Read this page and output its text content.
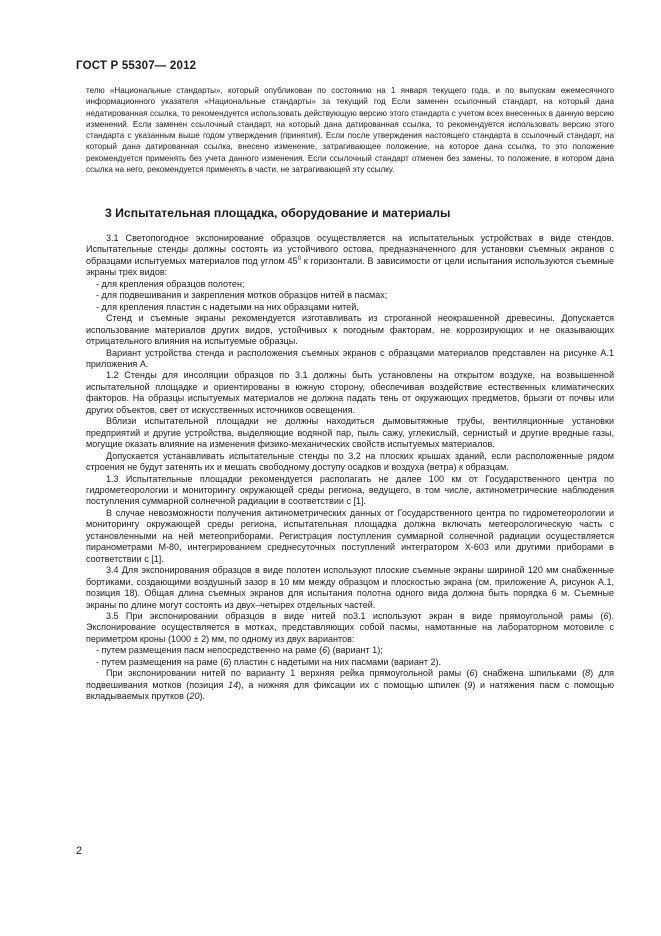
ГОСТ Р 55307— 2012

телю «Национальные стандарты», который опубликован по состоянию на 1 января текущего года, и по выпускам ежемесячного информационного указателя «Национальные стандарты» за текущий год Если заменен ссылочный стандарт, на который дана недатированная ссылка, то рекомендуется использовать действующую версию этого стандарта с учетом всех внесенных в данную версию изменений. Если заменен ссылочный стандарт, на который дана датированная ссылка, то рекомендуется использовать версию этого стандарта с указанным выше годом утверждения (принятия). Если после утверждения настоящего стандарта в ссылочный стандарт, на который дана датированная ссылка, внесено изменение, затрагивающее положение, на которое дана ссылка, то это положение рекомендуется применять без учета данного изменения. Если ссылочный стандарт отменен без замены, то положение, в котором дана ссылка на него, рекомендуется применять в части, не затрагивающей эту ссылку.

3 Испытательная площадка, оборудование и материалы

3.1 Светопогодное экспонирование образцов осуществляется на испытательных устройствах в виде стендов. Испытательные стенды должны состоять из устойчивого остова, предназначенного для установки съемных экранов с образцами испытуемых материалов под углом $45^0$ к горизонтали. В зависимости от цели испытания используются съемные экраны трех видов:

- для крепления образцов полотен;

- для подвешивания и закрепления мотков образцов нитей в пасмах;

- для крепления пластин с надетыми на них образцами нитей.

Стенд и съемные экраны рекомендуется изготавливать из строганной неокрашенной древесины. Допускается использование материалов других видов, устойчивых к погодным факторам, не коррозирующих и не оказывающих отрицательного влияния на испытуемые образцы.

Вариант устройства стенда и расположения съемных экранов с образцами материалов представлен на рисунке А.1 приложения А.

1.2 Стенды для инсоляции образцов по 3.1 должны быть установлены на открытом воздухе, на возвышенной испытательной площадке и ориентированы в южную сторону, обеспечивая воздействие естественных климатических факторов. На образцы испытуемых материалов не должна падать тень от окружающих предметов, брызги от почвы или других объектов, свет от искусственных источников освещения.

Вблизи испытательной площадки не должны находиться дымовытяжные трубы, вентиляционные установки предприятий и другие устройства, выделяющие водяной пар, пыль сажу, углекислый, сернистый и другие вредные газы, могущие оказать влияние на изменения физико-механических свойств испытуемых материалов.

Допускается устанавливать испытательные стенды по 3.2 на плоских крышах зданий, если расположенные рядом строения не будут затенять их и мешать свободному доступу осадков и воздуха (ветра) к образцам.

1.3 Испытательные площадки рекомендуется располагать не далее 100 км от Государственного центра по гидрометеорологии и мониторингу окружающей среды региона, ведущего, в том числе, актинометрические наблюдения поступления суммарной солнечной радиации в соответствии с [1].

В случае невозможности получения актинометрических данных от Государственного центра по гидрометеорологии и мониторингу окружающей среды региона, испытательная площадка должна включать метеорологическую часть с установленными на ней метеоприборами. Регистрация поступления суммарной солнечной радиации осуществляется пиранометрами М-80, интегрированием среднесуточных поступлений интегратором Х-603 или другими приборами в соответствии с [1].

3.4 Для экспонирования образцов в виде полотен используют плоские съемные экраны шириной 120 мм снабженные бортиками, создающими воздушный зазор в 10 мм между образцом и плоскостью экрана (см. приложение А, рисунок А.1, позиция 18). Общая длина съемных экранов для испытания полотна одного вида должна быть порядка 6 м. Съемные экраны по длине могут состоять из двух–четырех отдельных частей.

3.5 При экспонировании образцов в виде нитей по3.1 используют экран в виде прямоугольной рамы (6). Экспонирование осуществляется в мотках, представляющих собой пасмы, намотанные на лабораторном мотовиле с периметром кроны (1000 ± 2) мм, по одному из двух вариантов:

- путем размещения пасм непосредственно на раме (6) (вариант 1);

- путем размещения на раме (6) пластин с надетыми на них пасмами (вариант 2).

При экспонировании нитей по варианту 1 верхняя рейка прямоугольной рамы (6) снабжена шпильками (8) для подвешивания мотков (позиция 14), а нижняя для фиксации их с помощью шпилек (9) и натяжения пасм с помощью вкладываемых прутков (20).

2
